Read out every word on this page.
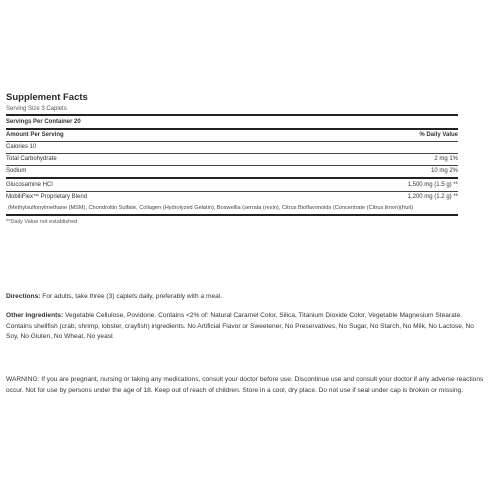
Supplement Facts
Serving Size 3 Caplets
Servings Per Container 20
Amount Per Serving	% Daily Value
Calories 10
Total Carbohydrate	2 mg 1%
Sodium	10 mg 2%
Glucosamine HCl	1,500 mg (1.5 g) **
MobiliFlex™ Proprietary Blend	1,200 mg (1.2 g) **
(Methylsulfonylmethane (MSM), Chondroitin Sulfate, Collagen (Hydrolyzed Gelatin), Boswellia (serrata (resin), Citrus Bioflavonoids (Concentrate (Citrus limon)(fruit)
**Daily Value not established
Directions: For adults, take three (3) caplets daily, preferably with a meal.
Other Ingredients: Vegetable Cellulose, Povidone. Contains <2% of: Natural Caramel Color, Silica, Titanium Dioxide Color, Vegetable Magnesium Stearate. Contains shellfish (crab, shrimp, lobster, crayfish) ingredients. No Artificial Flavor or Sweetener, No Preservatives, No Sugar, No Starch, No Milk, No Lactose, No Soy, No Gluten, No Wheat, No yeast
WARNING: If you are pregnant, nursing or taking any medications, consult your doctor before use. Discontinue use and consult your doctor if any adverse reactions occur. Not for use by persons under the age of 18. Keep out of reach of children. Store in a cool, dry place. Do not use if seal under cap is broken or missing.
